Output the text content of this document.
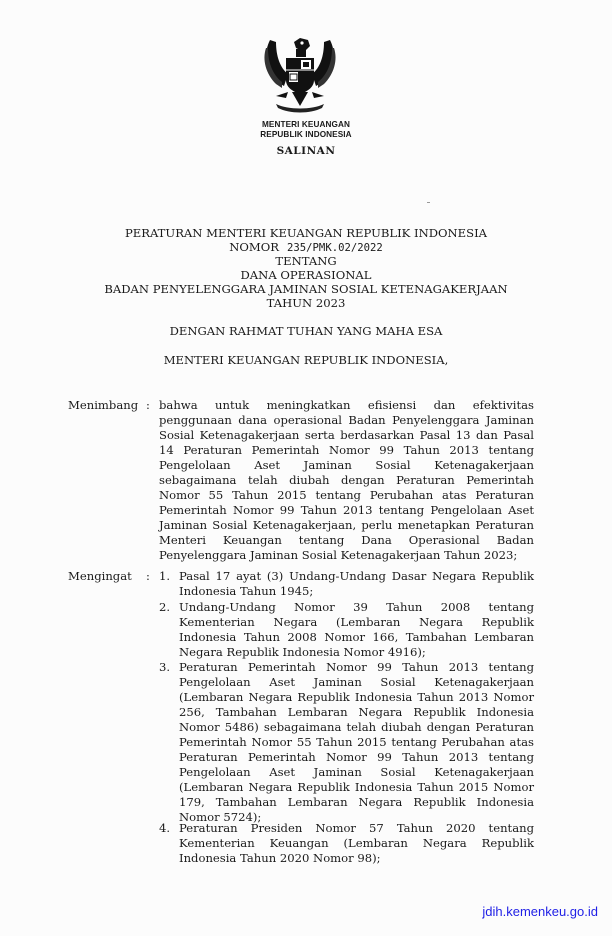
MENTERI KEUANGAN
REPUBLIK INDONESIA
SALINAN
PERATURAN MENTERI KEUANGAN REPUBLIK INDONESIA
NOMOR 235/PMK.02/2022
TENTANG
DANA OPERASIONAL
BADAN PENYELENGGARA JAMINAN SOSIAL KETENAGAKERJAAN
TAHUN 2023
DENGAN RAHMAT TUHAN YANG MAHA ESA
MENTERI KEUANGAN REPUBLIK INDONESIA,
Menimbang : bahwa untuk meningkatkan efisiensi dan efektivitas penggunaan dana operasional Badan Penyelenggara Jaminan Sosial Ketenagakerjaan serta berdasarkan Pasal 13 dan Pasal 14 Peraturan Pemerintah Nomor 99 Tahun 2013 tentang Pengelolaan Aset Jaminan Sosial Ketenagakerjaan sebagaimana telah diubah dengan Peraturan Pemerintah Nomor 55 Tahun 2015 tentang Perubahan atas Peraturan Pemerintah Nomor 99 Tahun 2013 tentang Pengelolaan Aset Jaminan Sosial Ketenagakerjaan, perlu menetapkan Peraturan Menteri Keuangan tentang Dana Operasional Badan Penyelenggara Jaminan Sosial Ketenagakerjaan Tahun 2023;
Mengingat : 1. Pasal 17 ayat (3) Undang-Undang Dasar Negara Republik Indonesia Tahun 1945;
2. Undang-Undang Nomor 39 Tahun 2008 tentang Kementerian Negara (Lembaran Negara Republik Indonesia Tahun 2008 Nomor 166, Tambahan Lembaran Negara Republik Indonesia Nomor 4916);
3. Peraturan Pemerintah Nomor 99 Tahun 2013 tentang Pengelolaan Aset Jaminan Sosial Ketenagakerjaan (Lembaran Negara Republik Indonesia Tahun 2013 Nomor 256, Tambahan Lembaran Negara Republik Indonesia Nomor 5486) sebagaimana telah diubah dengan Peraturan Pemerintah Nomor 55 Tahun 2015 tentang Perubahan atas Peraturan Pemerintah Nomor 99 Tahun 2013 tentang Pengelolaan Aset Jaminan Sosial Ketenagakerjaan (Lembaran Negara Republik Indonesia Tahun 2015 Nomor 179, Tambahan Lembaran Negara Republik Indonesia Nomor 5724);
4. Peraturan Presiden Nomor 57 Tahun 2020 tentang Kementerian Keuangan (Lembaran Negara Republik Indonesia Tahun 2020 Nomor 98);
jdih.kemenkeu.go.id
